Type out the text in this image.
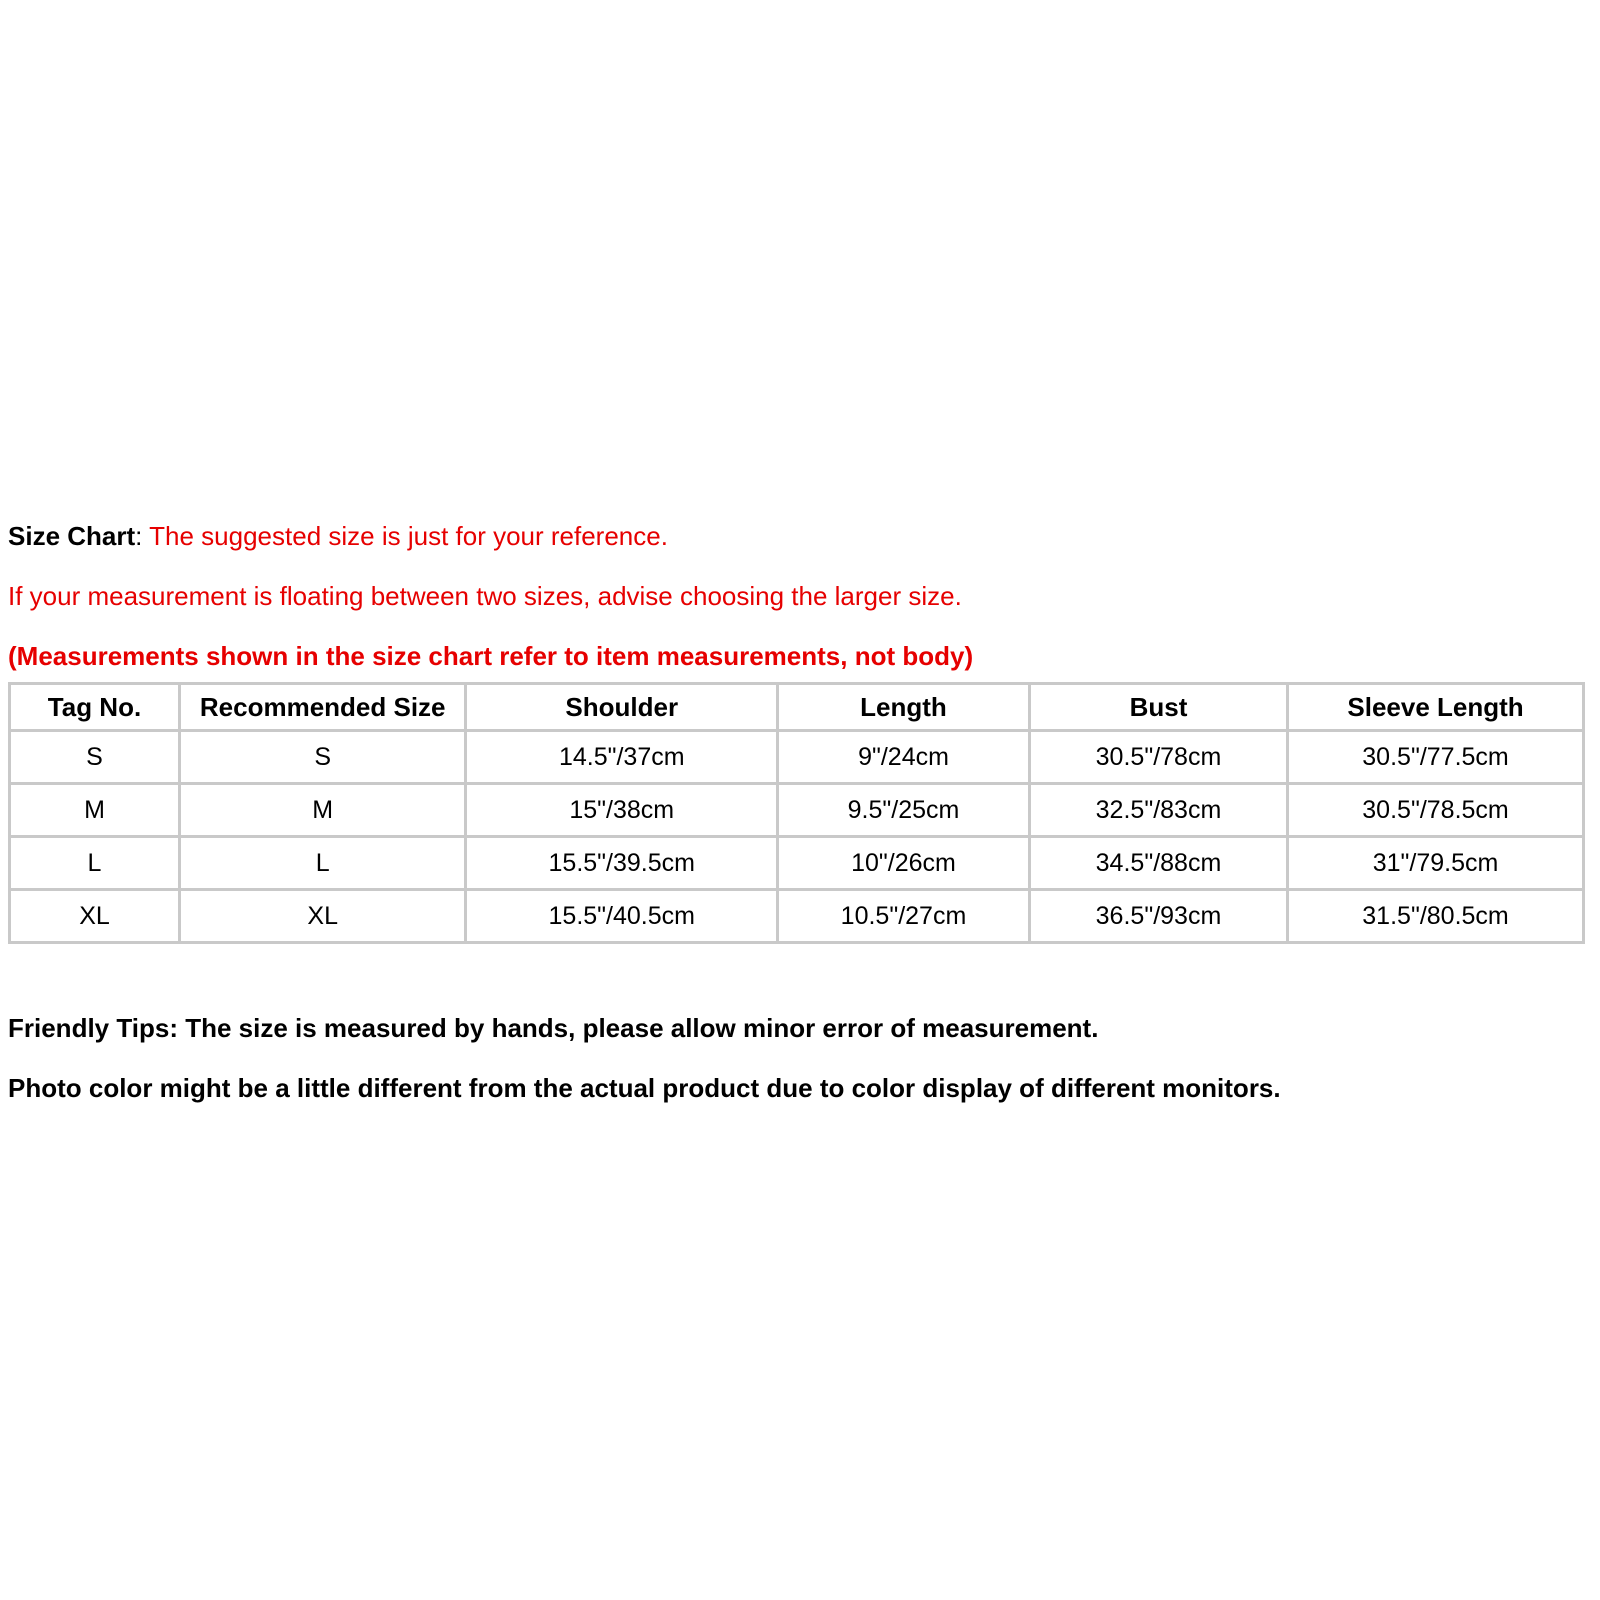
Size Chart: The suggested size is just for your reference.

If your measurement is floating between two sizes, advise choosing the larger size.

(Measurements shown in the size chart refer to item measurements, not body)

Tag No.	Recommended Size	Shoulder	Length	Bust	Sleeve Length
S	S	14.5"/37cm	9"/24cm	30.5"/78cm	30.5"/77.5cm
M	M	15"/38cm	9.5"/25cm	32.5"/83cm	30.5"/78.5cm
L	L	15.5"/39.5cm	10"/26cm	34.5"/88cm	31"/79.5cm
XL	XL	15.5"/40.5cm	10.5"/27cm	36.5"/93cm	31.5"/80.5cm

Friendly Tips: The size is measured by hands, please allow minor error of measurement.

Photo color might be a little different from the actual product due to color display of different monitors.
